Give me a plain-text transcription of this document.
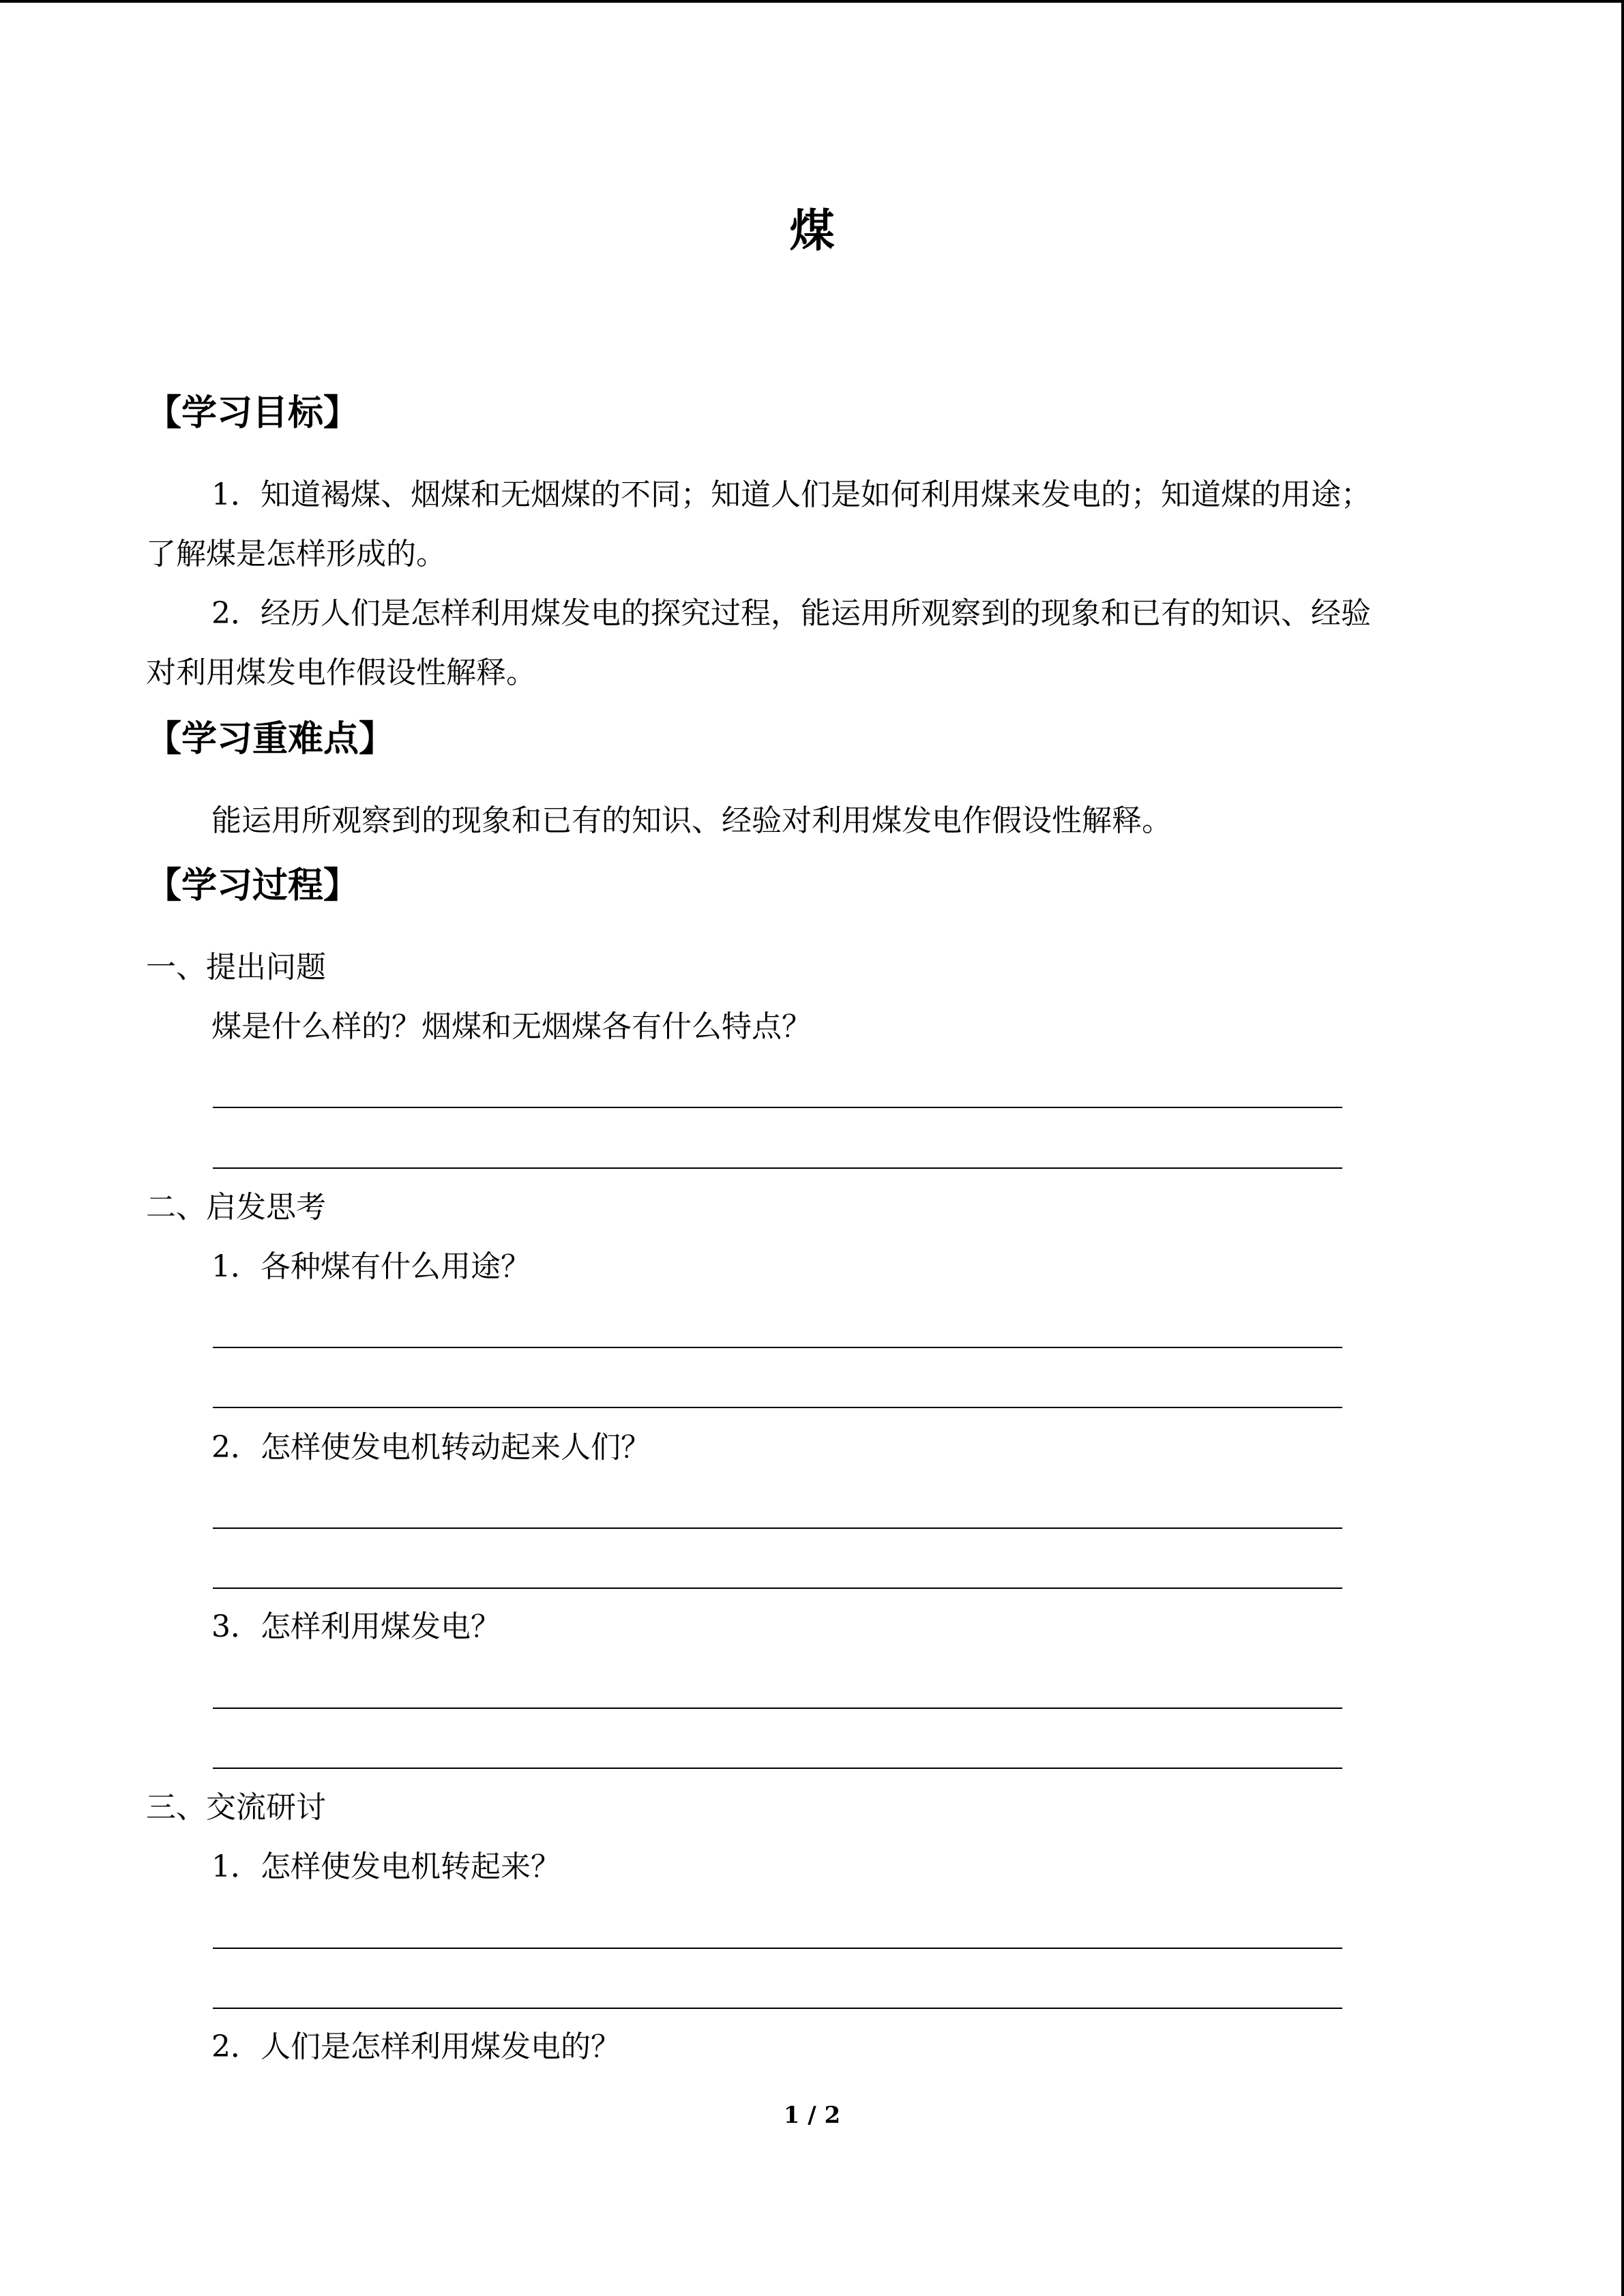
煤
【学习目标】
1．知道褐煤、烟煤和无烟煤的不同；知道人们是如何利用煤来发电的；知道煤的用途；
了解煤是怎样形成的。
2．经历人们是怎样利用煤发电的探究过程，能运用所观察到的现象和已有的知识、经验
对利用煤发电作假设性解释。
【学习重难点】
能运用所观察到的现象和已有的知识、经验对利用煤发电作假设性解释。
【学习过程】
一、提出问题
煤是什么样的？烟煤和无烟煤各有什么特点？
二、启发思考
1．各种煤有什么用途？
2．怎样使发电机转动起来人们？
3．怎样利用煤发电？
三、交流研讨
1．怎样使发电机转起来？
2．人们是怎样利用煤发电的？
1 / 2
